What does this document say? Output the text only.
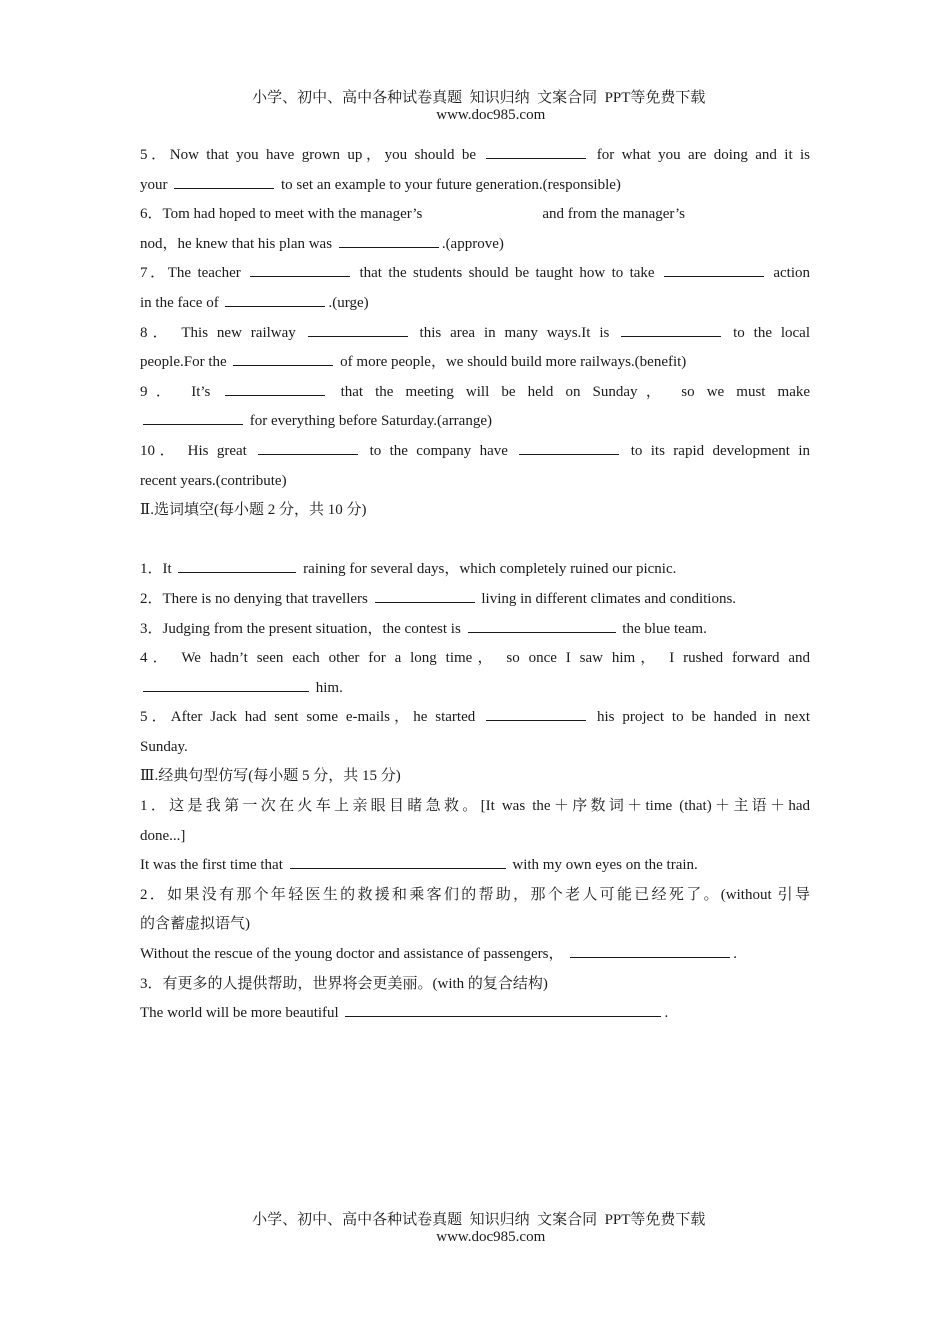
小学、初中、高中各种试卷真题  知识归纳  文案合同  PPT等免费下载
www.doc985.com

5．Now that you have grown up，you should be	for what you are doing and it is
your	to set an example to your future generation.(responsible)
6．Tom had hoped to meet with the manager’s	and from the manager’s
nod，he knew that his plan was	.(approve)
7．The teacher	that the students should be taught how to take	action
in the face of	.(urge)
8． This new railway	this area in many ways.It is	to the local
people.For the	of more people，we should build more railways.(benefit)
9． It’s	that the meeting will be held on Sunday， so we must make
for everything before Saturday.(arrange)
10． His great	to the company have	to its rapid development in
recent years.(contribute)
Ⅱ.选词填空(每小题 2 分，共 10 分)
1．It	raining for several days，which completely ruined our picnic.
2．There is no denying that travellers	living in different climates and conditions.
3．Judging from the present situation，the contest is	the blue team.
4． We hadn’t seen each other for a long time， so once I saw him， I rushed forward and
him.
5．After Jack had sent some e-mails，he started	his project to be handed in next
Sunday.
Ⅲ.经典句型仿写(每小题 5 分，共 15 分)
1．这是我第一次在火车上亲眼目睹急救。[It was the＋序数词＋time (that)＋主语＋had
done...]
It was the first time that	with my own eyes on the train.
2．如果没有那个年轻医生的救援和乘客们的帮助，那个老人可能已经死了。(without 引导
的含蓄虚拟语气)
Without the rescue of the young doctor and assistance of passengers，	.
3．有更多的人提供帮助，世界将会更美丽。(with 的复合结构)
The world will be more beautiful	.

小学、初中、高中各种试卷真题  知识归纳  文案合同  PPT等免费下载
www.doc985.com
